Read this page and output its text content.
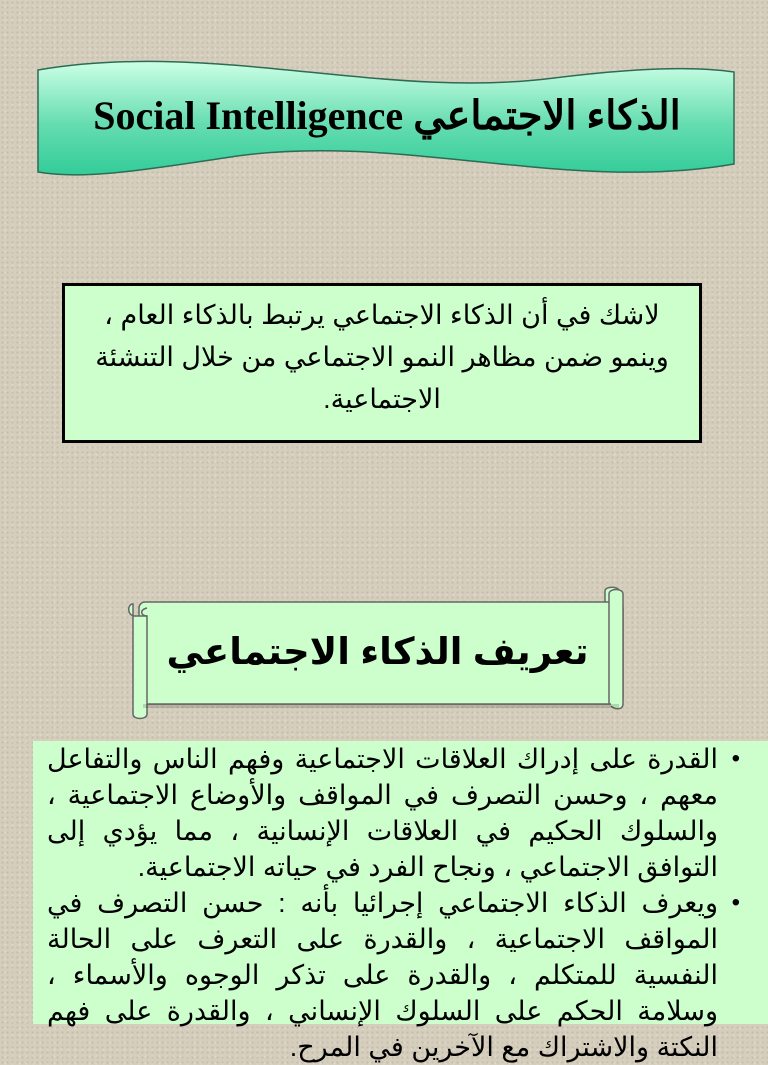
Social Intelligence الذكاء الاجتماعي
لاشك في أن الذكاء الاجتماعي يرتبط بالذكاء العام ، وينمو ضمن مظاهر النمو الاجتماعي من خلال التنشئة الاجتماعية.
تعريف الذكاء الاجتماعي
•
القدرة على إدراك العلاقات الاجتماعية وفهم الناس والتفاعل معهم ، وحسن التصرف في المواقف والأوضاع الاجتماعية ، والسلوك الحكيم في العلاقات الإنسانية ، مما يؤدي إلى التوافق الاجتماعي ، ونجاح الفرد في حياته الاجتماعية.
•
ويعرف الذكاء الاجتماعي إجرائيا بأنه : حسن التصرف في المواقف الاجتماعية ، والقدرة على التعرف على الحالة النفسية للمتكلم ، والقدرة على تذكر الوجوه والأسماء ، وسلامة الحكم على السلوك الإنساني ، والقدرة على فهم النكتة والاشتراك مع الآخرين في المرح.
